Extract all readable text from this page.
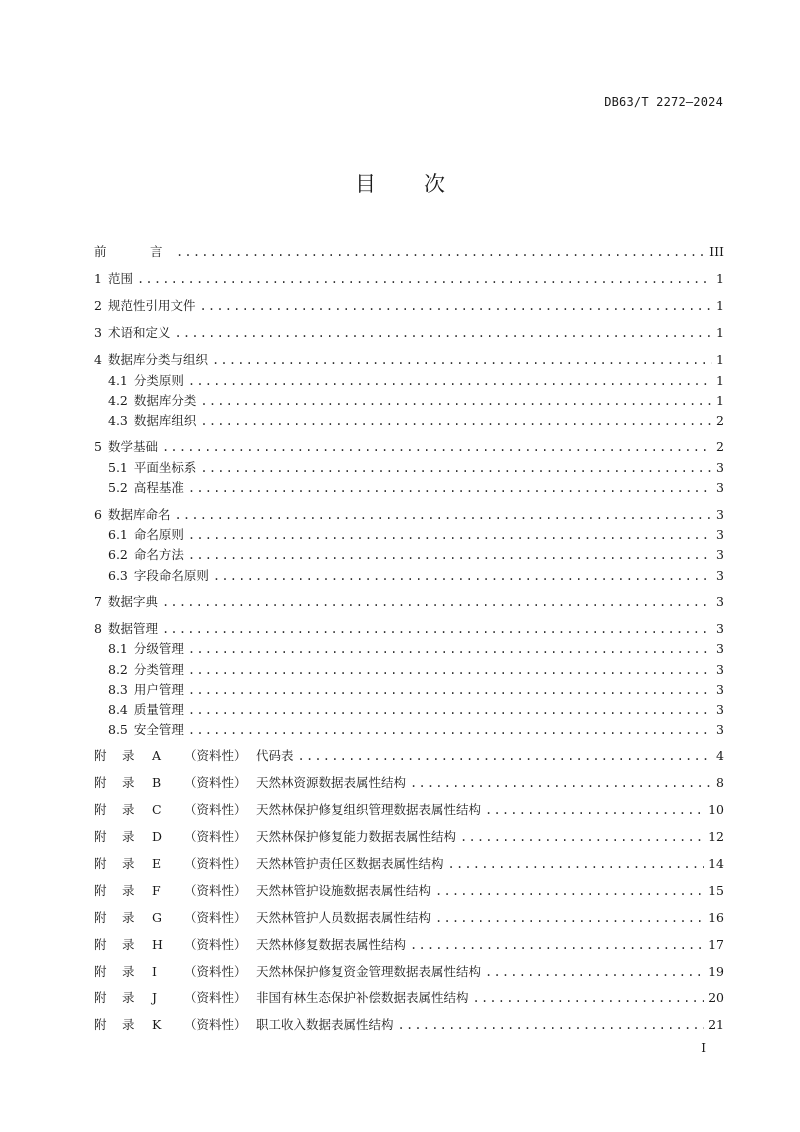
DB63/T 2272—2024
目 次
前	言 .....	III
1 范围 .....	1
2 规范性引用文件 .....	1
3 术语和定义 .....	1
4 数据库分类与组织 .....	1
4.1 分类原则 .....	1
4.2 数据库分类 .....	1
4.3 数据库组织 .....	2
5 数学基础 .....	2
5.1 平面坐标系 .....	3
5.2 高程基准 .....	3
6 数据库命名 .....	3
6.1 命名原则 .....	3
6.2 命名方法 .....	3
6.3 字段命名原则 .....	3
7 数据字典 .....	3
8 数据管理 .....	3
8.1 分级管理 .....	3
8.2 分类管理 .....	3
8.3 用户管理 .....	3
8.4 质量管理 .....	3
8.5 安全管理 .....	3
附 录 A （资料性） 代码表 .....	4
附 录 B （资料性） 天然林资源数据表属性结构 .....	8
附 录 C （资料性） 天然林保护修复组织管理数据表属性结构 .....	10
附 录 D （资料性） 天然林保护修复能力数据表属性结构 .....	12
附 录 E （资料性） 天然林管护责任区数据表属性结构 .....	14
附 录 F （资料性） 天然林管护设施数据表属性结构 .....	15
附 录 G （资料性） 天然林管护人员数据表属性结构 .....	16
附 录 H （资料性） 天然林修复数据表属性结构 .....	17
附 录 I （资料性） 天然林保护修复资金管理数据表属性结构 .....	19
附 录 J （资料性） 非国有林生态保护补偿数据表属性结构 .....	20
附 录 K （资料性） 职工收入数据表属性结构 .....	21
I
